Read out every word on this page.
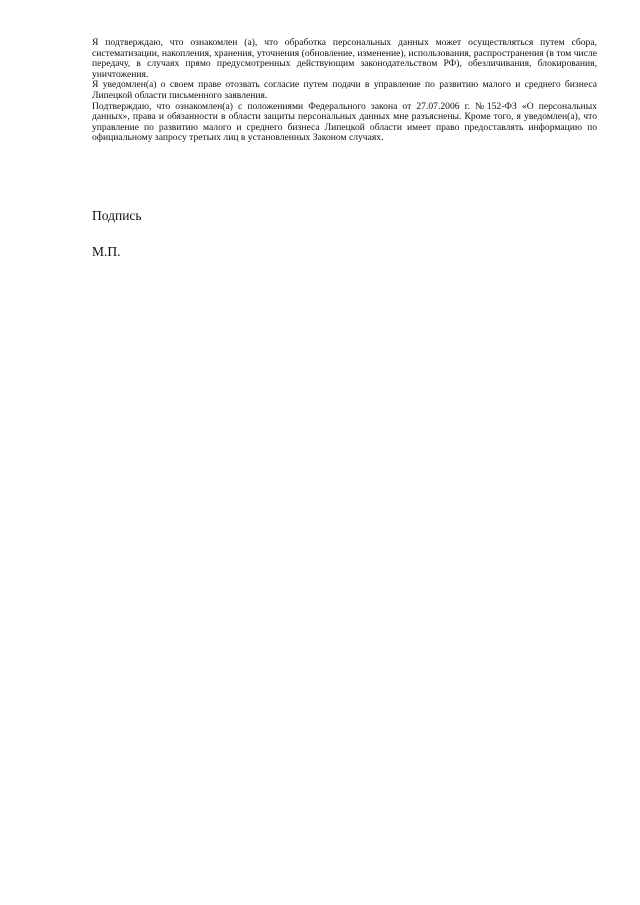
Я подтверждаю, что ознакомлен (а), что обработка персональных данных может осуществляться путем сбора, систематизации, накопления, хранения, уточнения (обновление, изменение), использования, распространения (в том числе передачу, в случаях прямо предусмотренных действующим законодательством РФ), обезличивания, блокирования, уничтожения.

Я уведомлен(а) о своем праве отозвать согласие путем подачи в управление по развитию малого и среднего бизнеса Липецкой области письменного заявления.

Подтверждаю, что ознакомлен(а) с положениями Федерального закона от 27.07.2006 г. №152-ФЗ «О персональных данных», права и обязанности в области защиты персональных данных мне разъяснены. Кроме того, я уведомлен(а), что управление по развитию малого и среднего бизнеса Липецкой области имеет право предоставлять информацию по официальному запросу третьих лиц в установленных Законом случаях.

Подпись
М.П.
